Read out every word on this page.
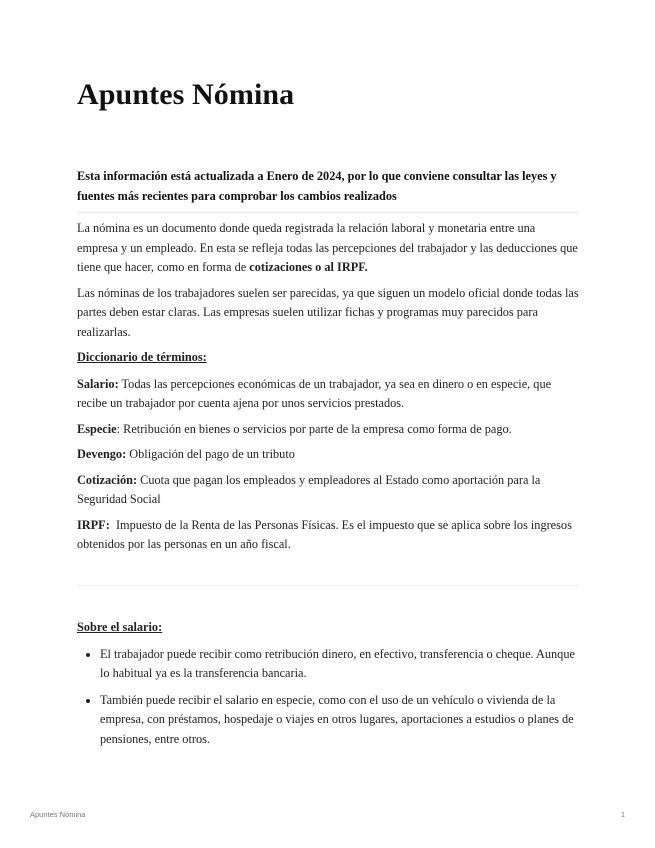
Apuntes Nómina
Esta información está actualizada a Enero de 2024, por lo que conviene consultar las leyes y fuentes más recientes para comprobar los cambios realizados

La nómina es un documento donde queda registrada la relación laboral y monetaria entre una empresa y un empleado. En esta se refleja todas las percepciones del trabajador y las deducciones que tiene que hacer, como en forma de cotizaciones o al IRPF.

Las nóminas de los trabajadores suelen ser parecidas, ya que siguen un modelo oficial donde todas las partes deben estar claras. Las empresas suelen utilizar fichas y programas muy parecidos para realizarlas.

Diccionario de términos:

Salario: Todas las percepciones económicas de un trabajador, ya sea en dinero o en especie, que recibe un trabajador por cuenta ajena por unos servicios prestados.

Especie: Retribución en bienes o servicios por parte de la empresa como forma de pago.

Devengo: Obligación del pago de un tributo

Cotización: Cuota que pagan los empleados y empleadores al Estado como aportación para la Seguridad Social

IRPF:  Impuesto de la Renta de las Personas Físicas. Es el impuesto que se aplica sobre los ingresos obtenidos por las personas en un año fiscal.

Sobre el salario:

• El trabajador puede recibir como retribución dinero, en efectivo, transferencia o cheque. Aunque lo habitual ya es la transferencia bancaria.
• También puede recibir el salario en especie, como con el uso de un vehículo o vivienda de la empresa, con préstamos, hospedaje o viajes en otros lugares, aportaciones a estudios o planes de pensiones, entre otros.
Apuntes Nómina	1
